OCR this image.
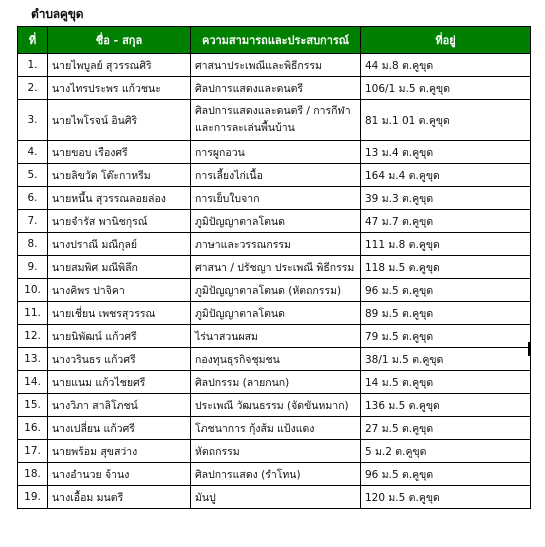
ตำบลคูขุด
ที่	ชื่อ - สกุล	ความสามารถและประสบการณ์	ที่อยู่
1.	นายไพบูลย์ สุวรรณศิริ	ศาสนาประเพณีและพิธีกรรม	44 ม.8 ต.คูขุด
2.	นางไทรประพร แก้วชนะ	ศิลปการแสดงและดนตรี	106/1 ม.5 ต.คูขุด
3.	นายไพโรจน์ อินศิริ	ศิลปการแสดงและดนตรี / การกีฬาและการละเล่นพื้นบ้าน	81 ม.1 01 ต.คูขุด
4.	นายขอบ เรืองศรี	การผูกอวน	13 ม.4 ต.คูขุด
5.	นายลิขวัต โต๊ะกาหรีม	การเลี้ยงไก่เนื้อ	164 ม.4 ต.คูขุด
6.	นายหนึ้น สุวรรณลอยล่อง	การเย็บใบจาก	39 ม.3 ต.คูขุด
7.	นายจำรัส พานิชกุรณ์	ภูมิปัญญาตาลโตนด	47 ม.7 ต.คูขุด
8.	นางปราณี มณีกุลย์	ภาษาและวรรณกรรม	111 ม.8 ต.คูขุด
9.	นายสมพิศ มณีพิลึก	ศาสนา / ปรัชญา ประเพณี พิธีกรรม	118 ม.5 ต.คูขุด
10.	นางคิพร ปาจิคา	ภูมิปัญญาตาลโตนด (หัตถกรรม)	96 ม.5 ต.คูขุด
11.	นายเชี่ยน เพชรสุวรรณ	ภูมิปัญญาตาลโตนด	89 ม.5 ต.คูขุด
12.	นายนิพัฒน์ แก้วศรี	ไร่นาสวนผสม	79 ม.5 ต.คูขุด
13.	นางวรินธร แก้วศรี	กองทุนธุรกิจชุมชน	38/1 ม.5 ต.คูขุด
14.	นายแนม แก้วไชยศรี	ศิลปกรรม (ลายกนก)	14 ม.5 ต.คูขุด
15.	นางวิภา สาลิโภชน์	ประเพณี วัฒนธรรม (จัดขันหมาก)	136 ม.5 ต.คูขุด
16.	นางเปลี่ยน แก้วศรี	โภชนาการ กุ้งส้ม แป้งแดง	27 ม.5 ต.คูขุด
17.	นายพร้อม สุขสว่าง	หัตถกรรม	5 ม.2 ต.คูขุด
18.	นางอำนวย จ้านง	ศิลปการแสดง (รำโทน)	96 ม.5 ต.คูขุด
19.	นางเอื้อม มนตรี	มันปู	120 ม.5 ต.คูขุด
